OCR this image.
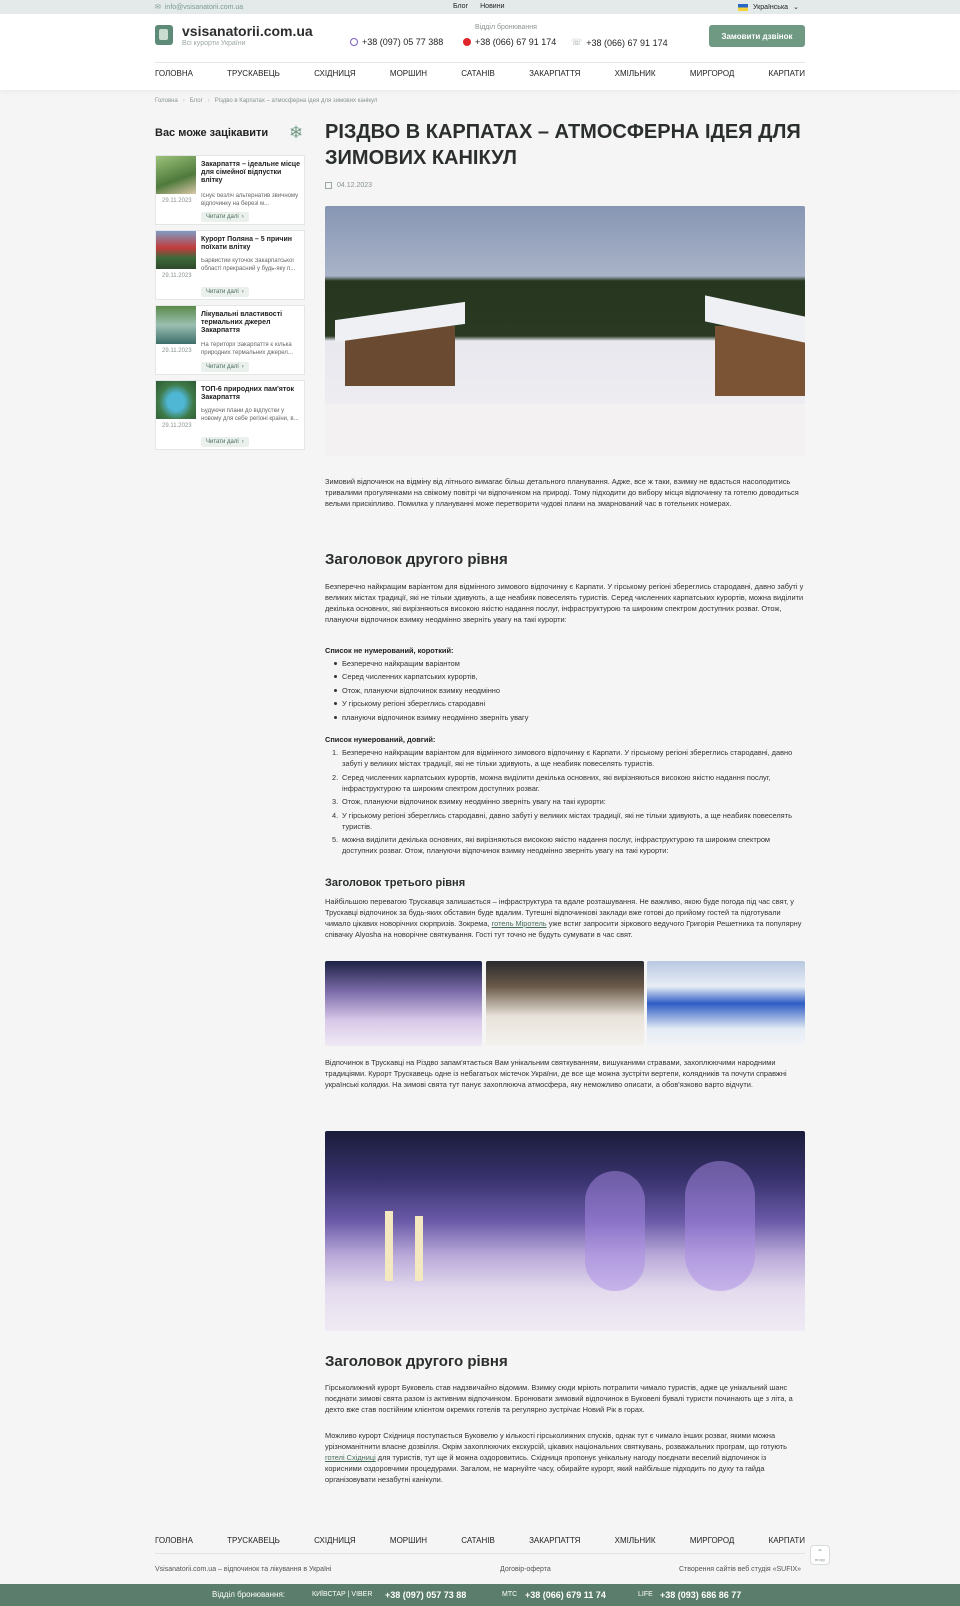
✉ info@vsisanatorii.com.ua	Блог Новини	Українська ⌄
vsisanatorii.com.ua
Всі курорти України
Відділ бронювання
+38 (097) 05 77 388	+38 (066) 67 91 174 ☏ +38 (066) 67 91 174
Замовити дзвінок
ГОЛОВНА	ТРУСКАВЕЦЬ	СХІДНИЦЯ	МОРШИН	САТАНІВ	ЗАКАРПАТТЯ	ХМІЛЬНИК	МИРГОРОД	КАРПАТИ
Головна › Блог › Різдво в Карпатах – атмосферна ідея для зимових канікул
Вас може зацікавити ❄
29.11.2023
Закарпаття – ідеальне місце для сімейної відпустки влітку
Існує безліч альтернатив звичному відпочинку на березі м...
Читати далі ›
29.11.2023
Курорт Поляна – 5 причин поїхати влітку
Барвистий куточок Закарпатської області прекрасний у будь-яку п...
Читати далі ›
29.11.2023
Лікувальні властивості термальних джерел Закарпаття
На території Закарпаття є кілька природних термальних джерел...
Читати далі ›
29.11.2023
ТОП-6 природних пам'яток Закарпаття
Будуючи плани до відпустки у новому для себе регіоні країни, в...
Читати далі ›
РІЗДВО В КАРПАТАХ – АТМОСФЕРНА ІДЕЯ ДЛЯ ЗИМОВИХ КАНІКУЛ
04.12.2023
Зимовий відпочинок на відміну від літнього вимагає більш детального планування. Адже, все ж таки, взимку не вдасться насолодитись тривалими прогулянками на свіжому повітрі чи відпочинком на природі. Тому підходити до вибору місця відпочинку та готелю доводиться вельми прискіпливо. Помилка у плануванні може перетворити чудові плани на змарнований час в готельних номерах.
Заголовок другого рівня
Безперечно найкращим варіантом для відмінного зимового відпочинку є Карпати. У гірському регіоні збереглись стародавні, давно забуті у великих містах традиції, які не тільки здивують, а ще неабияк повеселять туристів. Серед численних карпатських курортів, можна виділити декілька основних, які вирізняються високою якістю надання послуг, інфраструктурою та широким спектром доступних розваг. Отож, плануючи відпочинок взимку неодмінно зверніть увагу на такі курорти:
Список не нумерований, короткий:
Безперечно найкращим варіантом
Серед численних карпатських курортів,
Отож, плануючи відпочинок взимку неодмінно
У гірському регіоні збереглись стародавні
плануючи відпочинок взимку неодмінно зверніть увагу
Список нумерований, довгий:
1. Безперечно найкращим варіантом для відмінного зимового відпочинку є Карпати. У гірському регіоні збереглись стародавні, давно забуті у великих містах традиції, які не тільки здивують, а ще неабияк повеселять туристів.
2. Серед численних карпатських курортів, можна виділити декілька основних, які вирізняються високою якістю надання послуг, інфраструктурою та широким спектром доступних розваг.
3. Отож, плануючи відпочинок взимку неодмінно зверніть увагу на такі курорти:
4. У гірському регіоні збереглись стародавні, давно забуті у великих містах традиції, які не тільки здивують, а ще неабияк повеселять туристів.
5. можна виділити декілька основних, які вирізняються високою якістю надання послуг, інфраструктурою та широким спектром доступних розваг. Отож, плануючи відпочинок взимку неодмінно зверніть увагу на такі курорти:
Заголовок третього рівня
Найбільшою перевагою Трускавця залишається – інфраструктура та вдале розташування. Не важливо, якою буде погода під час свят, у Трускавці відпочинок за будь-яких обставин буде вдалим. Тутешні відпочинкові заклади вже готові до прийому гостей та підготували чимало цікавих новорічних сюрпризів. Зокрема, готель Міротель уже встиг запросити зіркового ведучого Григорія Решетника та популярну співачку Alyosha на новорічне святкування. Гості тут точно не будуть сумувати в час свят.
Відпочинок в Трускавці на Різдво запам'ятається Вам унікальним святкуванням, вишуканими стравами, захоплюючими народними традиціями. Курорт Трускавець одне із небагатьох містечок України, де все ще можна зустріти вертепи, колядників та почути справжні українські колядки. На зимові свята тут панує захоплююча атмосфера, яку неможливо описати, а обов'язково варто відчути.
Заголовок другого рівня
Гірськолижний курорт Буковель став надзвичайно відомим. Взимку сюди мріють потрапити чимало туристів, адже це унікальний шанс поєднати зимові свята разом із активним відпочинком. Бронювати зимовий відпочинок в Буковелі бувалі туристи починають ще з літа, а дехто вже став постійним клієнтом окремих готелів та регулярно зустрічає Новий Рік в горах.
Можливо курорт Східниця поступається Буковелю у кількості гірськолижних спусків, однак тут є чимало інших розваг, якими можна урізноманітнити власне дозвілля. Окрім захоплюючих екскурсій, цікавих національних святкувань, розважальних програм, що готують готелі Східниці для туристів, тут ще й можна оздоровитись. Східниця пропонує унікальну нагоду поєднати веселий відпочинок із корисними оздоровчими процедурами. Загалом, не марнуйте часу, обирайте курорт, який найбільше підходить по духу та гайда організовувати незабутні канікули.
ГОЛОВНА	ТРУСКАВЕЦЬ	СХІДНИЦЯ	МОРШИН	САТАНІВ	ЗАКАРПАТТЯ	ХМІЛЬНИК	МИРГОРОД	КАРПАТИ
⌃
вгору
Vsisanatorii.com.ua – відпочинок та лікування в Україні	Договір-оферта	Створення сайтів веб студія «SUFIX»
Відділ бронювання:	КИЇВСТАР | VIBER +38 (097) 057 73 88	МТС +38 (066) 679 11 74	LIFE +38 (093) 686 86 77
